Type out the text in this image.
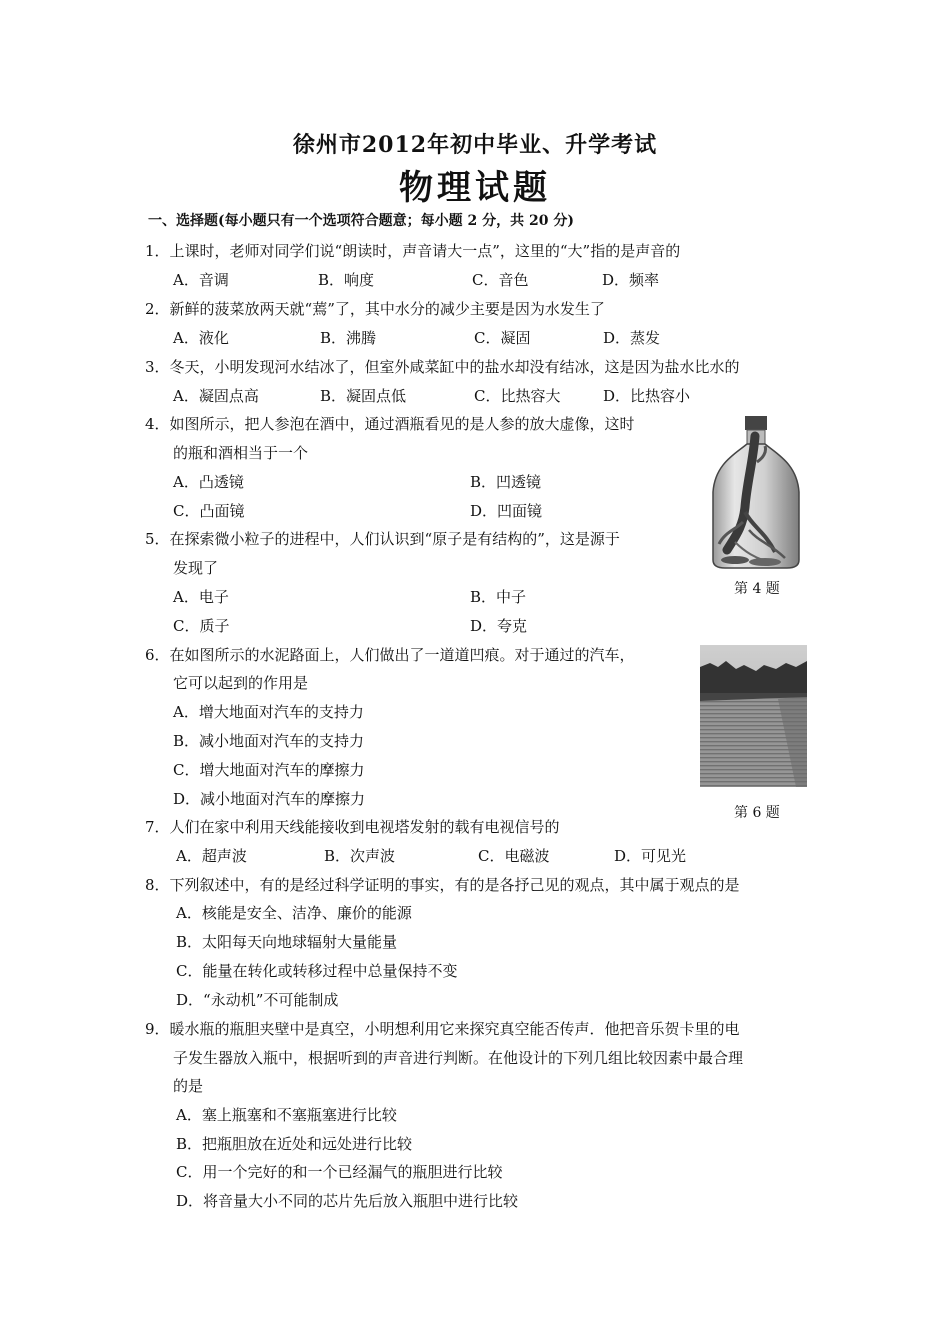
徐州市2012年初中毕业、升学考试
物理试题
一、选择题(每小题只有一个选项符合题意；每小题 2 分，共 20 分)
1．上课时，老师对同学们说“朗读时，声音请大一点”，这里的“大”指的是声音的
A．音调	B．响度	C．音色	D．频率
2．新鲜的菠菜放两天就“蔫”了，其中水分的减少主要是因为水发生了
A．液化	B．沸腾	C．凝固	D．蒸发
3．冬天，小明发现河水结冰了，但室外咸菜缸中的盐水却没有结冰，这是因为盐水比水的
A．凝固点高	B．凝固点低	C．比热容大	D．比热容小
4．如图所示，把人参泡在酒中，通过酒瓶看见的是人参的放大虚像，这时
的瓶和酒相当于一个
A．凸透镜	B．凹透镜
C．凸面镜	D．凹面镜
第 4 题
5．在探索微小粒子的进程中，人们认识到“原子是有结构的”，这是源于
发现了
A．电子	B．中子
C．质子	D．夸克
6．在如图所示的水泥路面上，人们做出了一道道凹痕。对于通过的汽车，
它可以起到的作用是
A．增大地面对汽车的支持力
B．减小地面对汽车的支持力
C．增大地面对汽车的摩擦力
D．减小地面对汽车的摩擦力
第 6 题
7．人们在家中利用天线能接收到电视塔发射的载有电视信号的
A．超声波	B．次声波	C．电磁波	D．可见光
8．下列叙述中，有的是经过科学证明的事实，有的是各抒己见的观点，其中属于观点的是
A．核能是安全、洁净、廉价的能源
B．太阳每天向地球辐射大量能量
C．能量在转化或转移过程中总量保持不变
D．“永动机”不可能制成
9．暖水瓶的瓶胆夹壁中是真空，小明想利用它来探究真空能否传声．他把音乐贺卡里的电
子发生器放入瓶中，根据听到的声音进行判断。在他设计的下列几组比较因素中最合理
的是
A．塞上瓶塞和不塞瓶塞进行比较
B．把瓶胆放在近处和远处进行比较
C．用一个完好的和一个已经漏气的瓶胆进行比较
D．将音量大小不同的芯片先后放入瓶胆中进行比较
